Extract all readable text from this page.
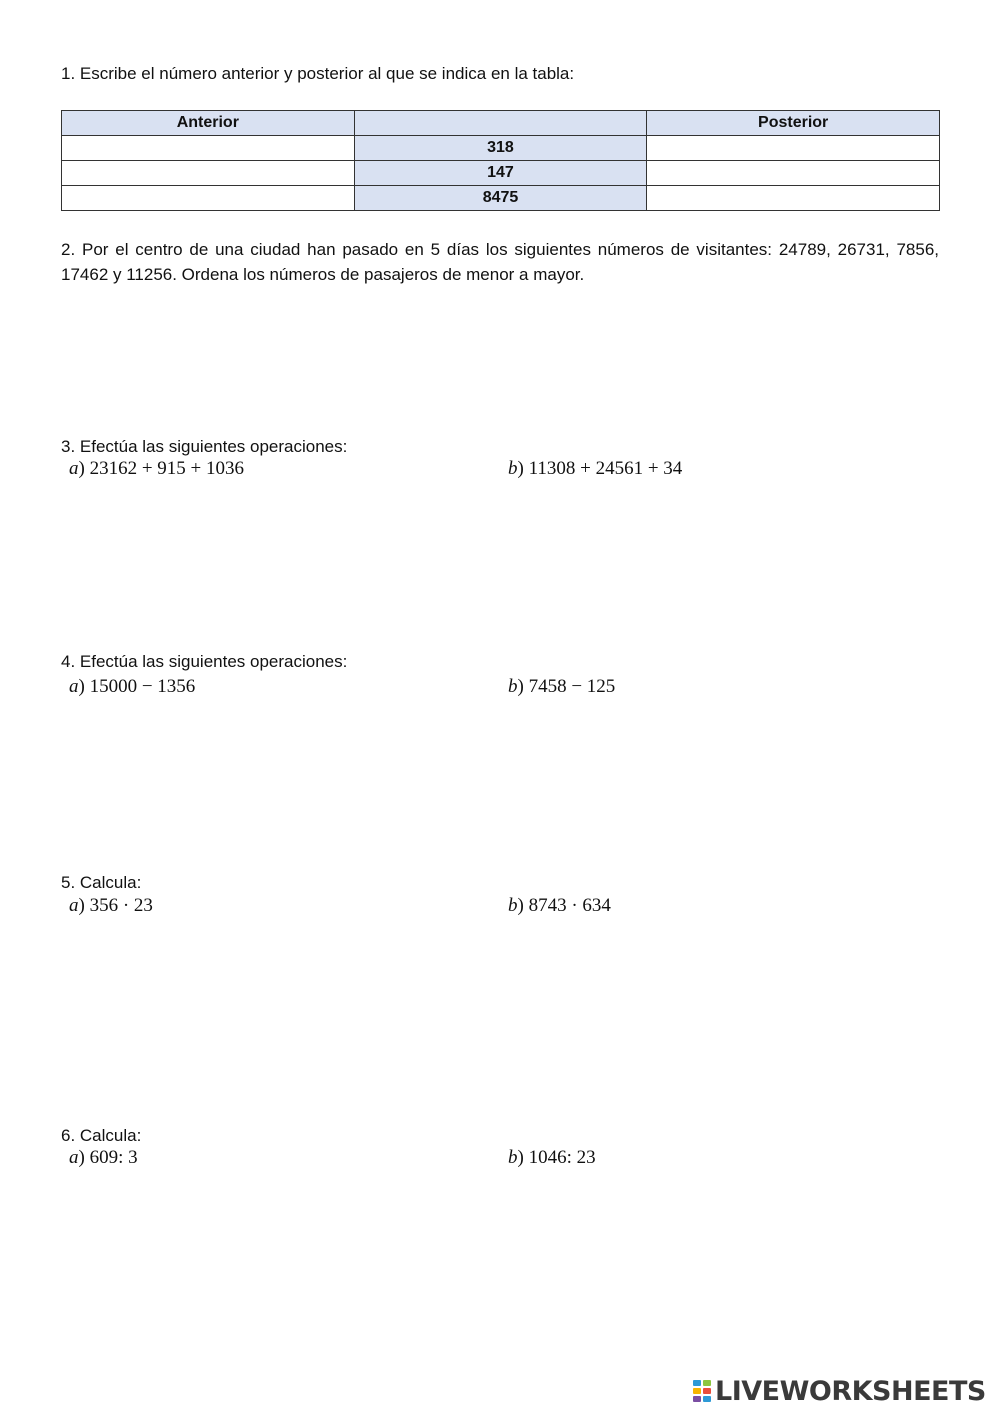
1. Escribe el número anterior y posterior al que se indica en la tabla:
Anterior		Posterior
	318	
	147	
	8475	
2. Por el centro de una ciudad han pasado en 5 días los siguientes números de visitantes: 24789, 26731, 7856, 17462 y 11256. Ordena los números de pasajeros de menor a mayor.
3. Efectúa las siguientes operaciones:
a) 23162 + 915 + 1036	b) 11308 + 24561 + 34
4. Efectúa las siguientes operaciones:
a) 15000 − 1356	b) 7458 − 125
5. Calcula:
a) 356 · 23	b) 8743 · 634
6. Calcula:
a) 609: 3	b) 1046: 23
LIVEWORKSHEETS
